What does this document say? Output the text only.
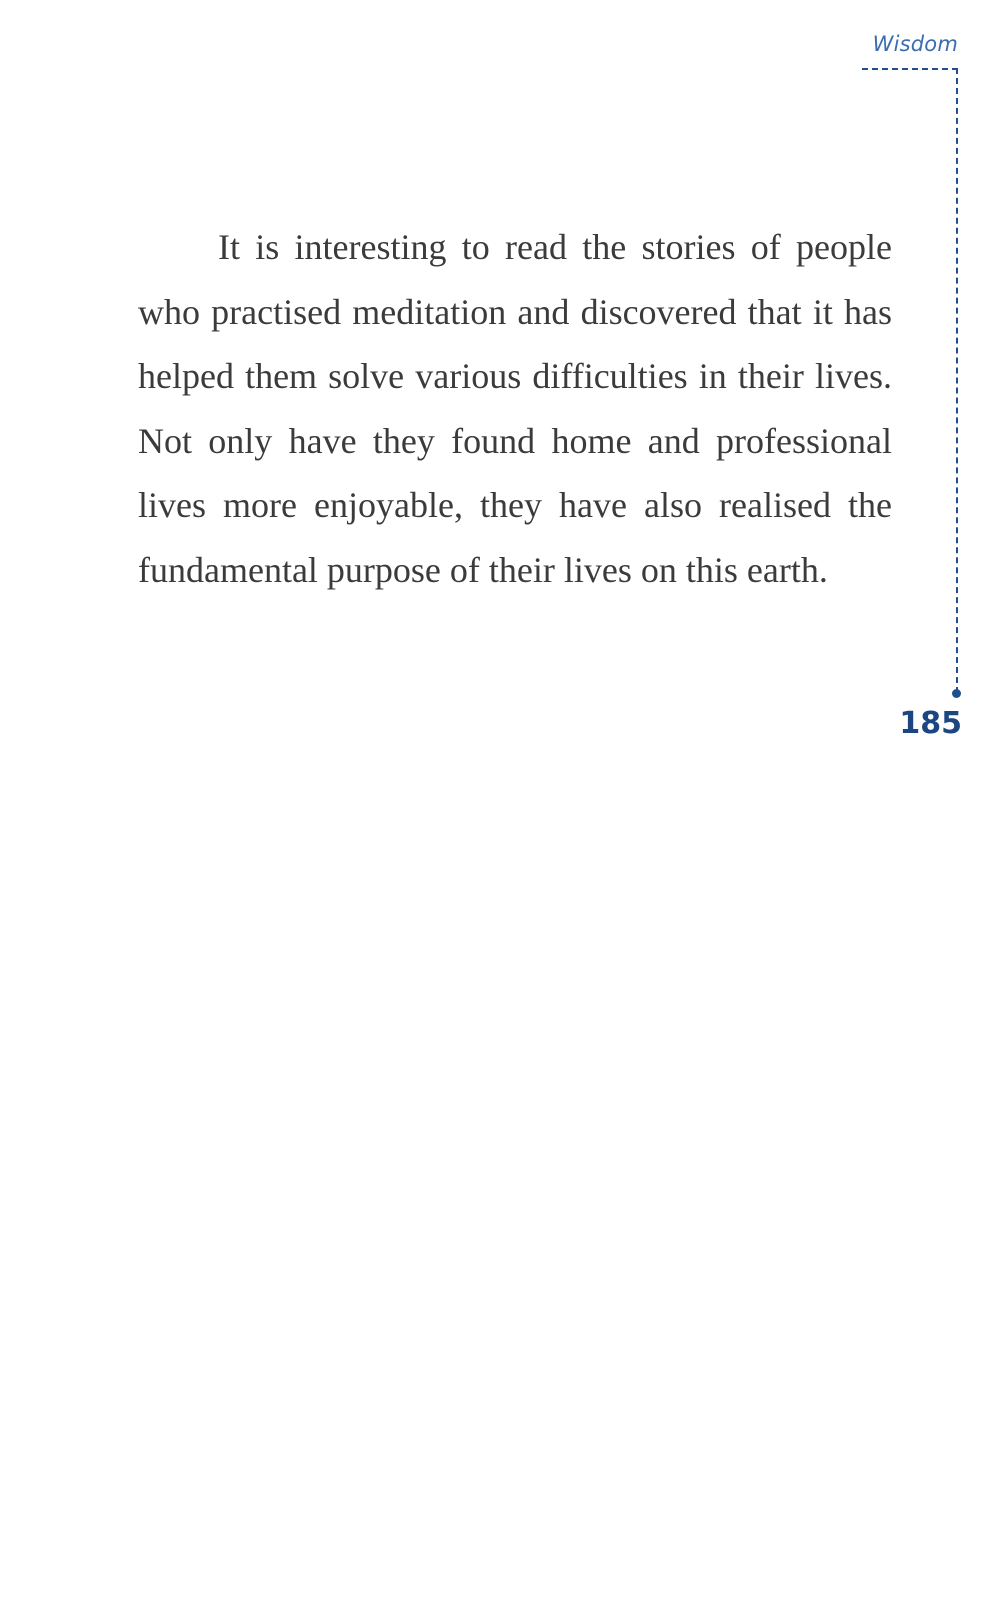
Wisdom
185

It is interesting to read the stories of people who practised meditation and discovered that it has helped them solve various difficulties in their lives. Not only have they found home and professional lives more enjoyable, they have also realised the fundamental purpose of their lives on this earth.
